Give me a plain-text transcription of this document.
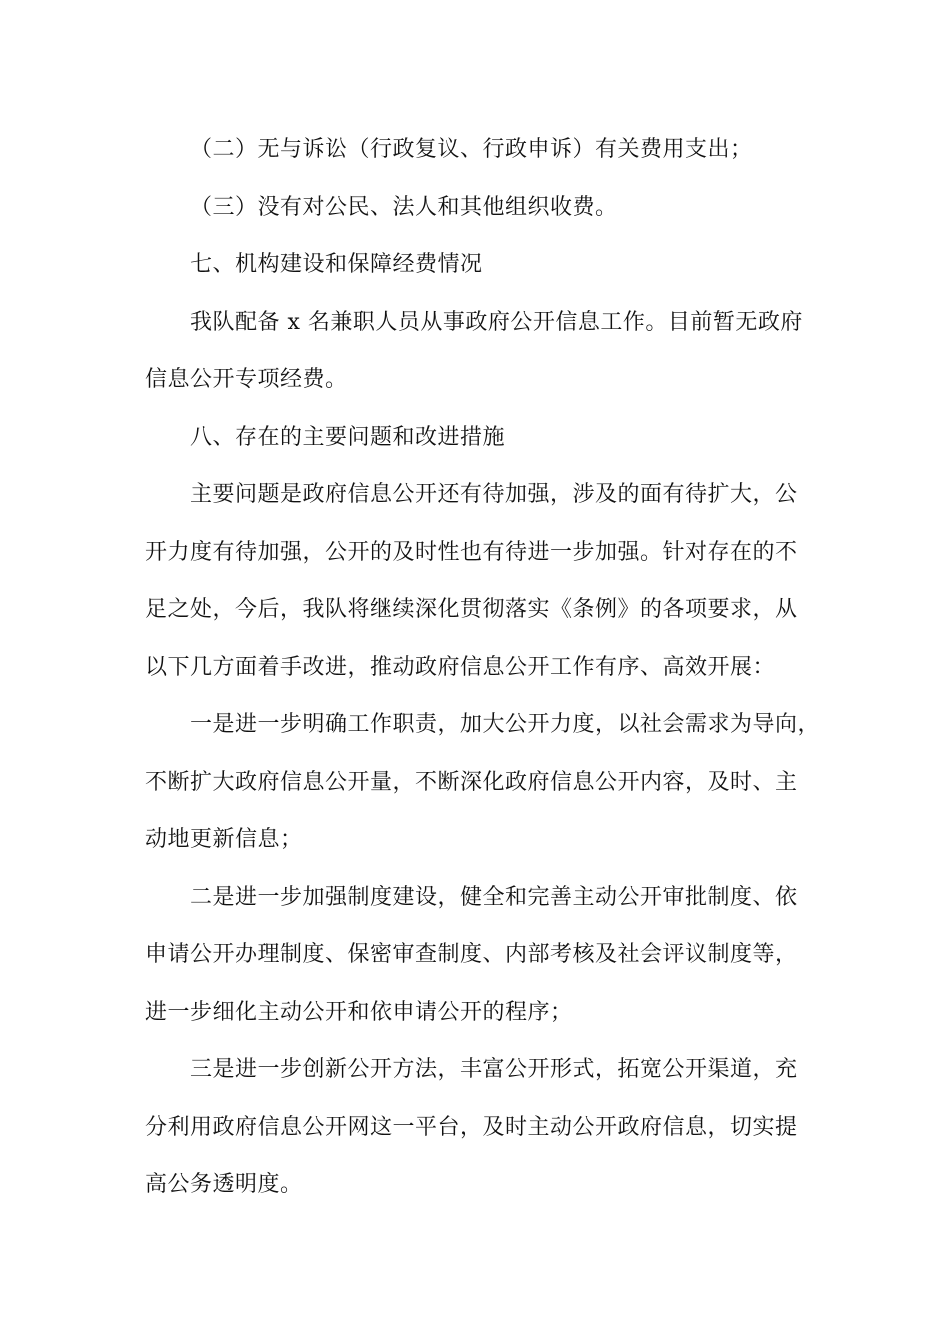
（二）无与诉讼（行政复议、行政申诉）有关费用支出；
（三）没有对公民、法人和其他组织收费。
七、机构建设和保障经费情况
我队配备 x 名兼职人员从事政府公开信息工作。目前暂无政府
信息公开专项经费。
八、存在的主要问题和改进措施
主要问题是政府信息公开还有待加强，涉及的面有待扩大，公
开力度有待加强，公开的及时性也有待进一步加强。针对存在的不
足之处，今后，我队将继续深化贯彻落实《条例》的各项要求，从
以下几方面着手改进，推动政府信息公开工作有序、高效开展：
一是进一步明确工作职责，加大公开力度，以社会需求为导向，
不断扩大政府信息公开量，不断深化政府信息公开内容，及时、主
动地更新信息；
二是进一步加强制度建设，健全和完善主动公开审批制度、依
申请公开办理制度、保密审查制度、内部考核及社会评议制度等，
进一步细化主动公开和依申请公开的程序；
三是进一步创新公开方法，丰富公开形式，拓宽公开渠道，充
分利用政府信息公开网这一平台，及时主动公开政府信息，切实提
高公务透明度。
